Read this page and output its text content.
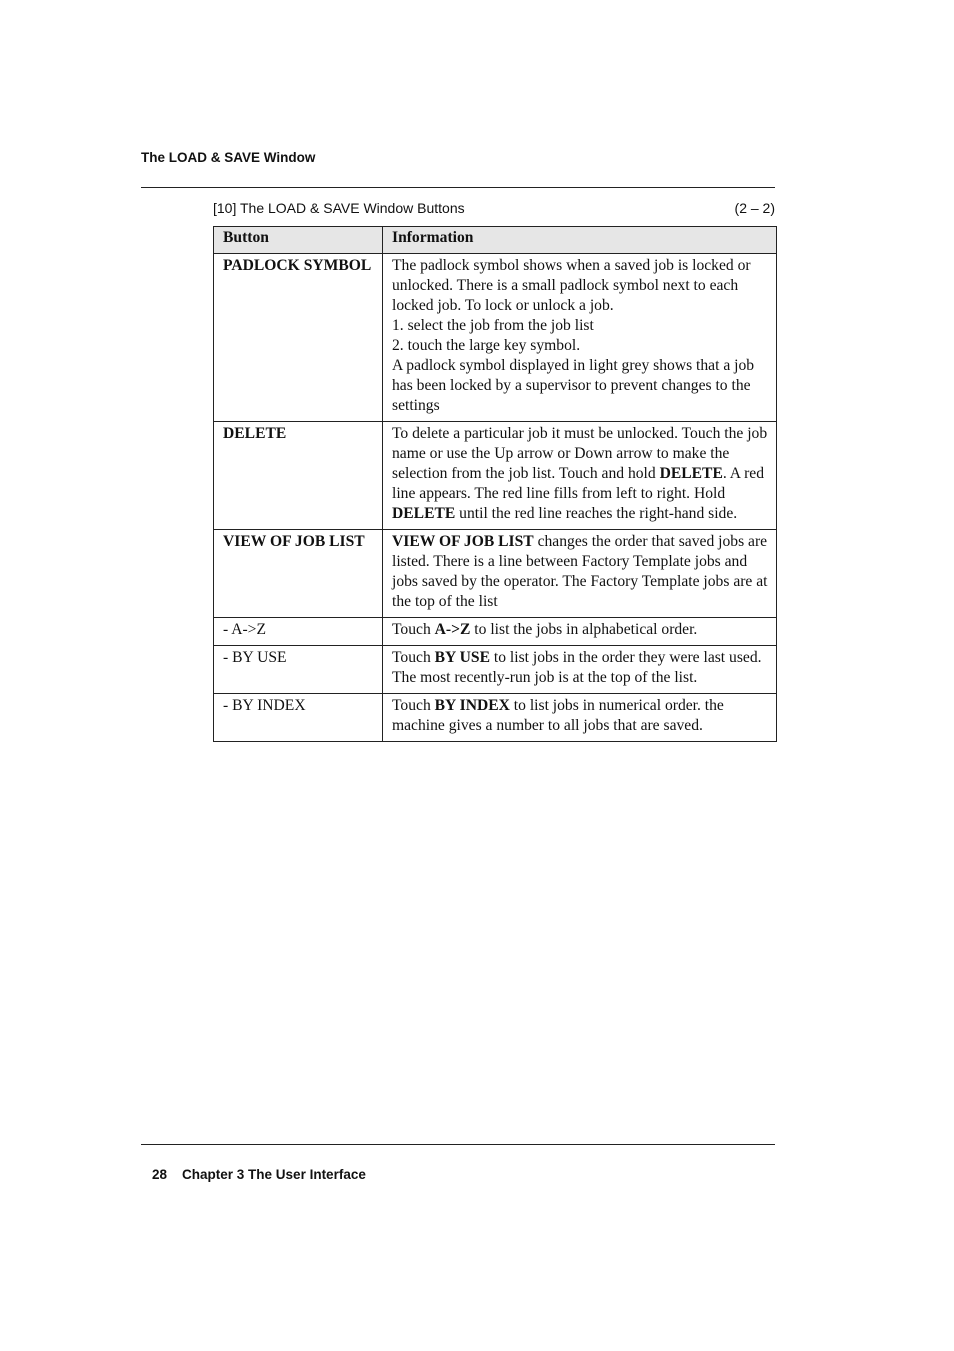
The LOAD & SAVE Window
[10] The LOAD & SAVE Window Buttons	(2 – 2)
Button	Information
PADLOCK SYMBOL	The padlock symbol shows when a saved job is locked or unlocked. There is a small padlock symbol next to each locked job. To lock or unlock a job.
1. select the job from the job list
2. touch the large key symbol.
A padlock symbol displayed in light grey shows that a job has been locked by a supervisor to prevent changes to the settings

DELETE	To delete a particular job it must be unlocked. Touch the job name or use the Up arrow or Down arrow to make the selection from the job list. Touch and hold DELETE. A red line appears. The red line fills from left to right. Hold DELETE until the red line reaches the right-hand side.
VIEW OF JOB LIST	VIEW OF JOB LIST changes the order that saved jobs are listed. There is a line between Factory Template jobs and jobs saved by the operator. The Factory Template jobs are at the top of the list
- A->Z	Touch A->Z to list the jobs in alphabetical order.
- BY USE	Touch BY USE to list jobs in the order they were last used. The most recently-run job is at the top of the list.
- BY INDEX	Touch BY INDEX to list jobs in numerical order. the machine gives a number to all jobs that are saved.
28 Chapter 3 The User Interface
